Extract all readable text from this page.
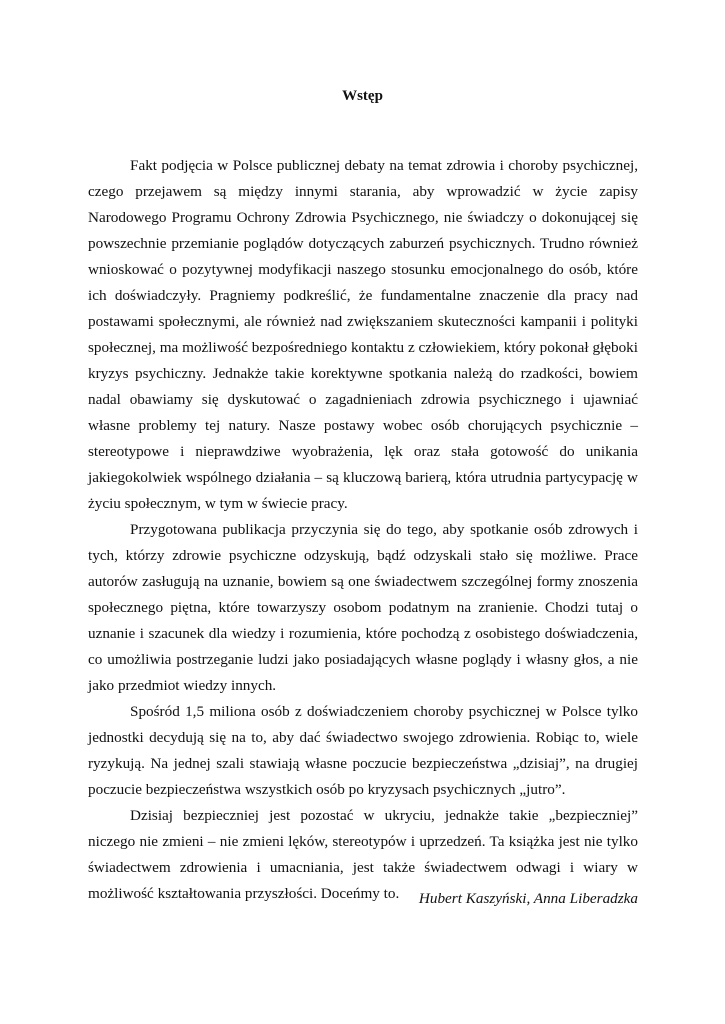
Wstęp

Fakt podjęcia w Polsce publicznej debaty na temat zdrowia i choroby psychicznej, czego przejawem są między innymi starania, aby wprowadzić w życie zapisy Narodowego Programu Ochrony Zdrowia Psychicznego, nie świadczy o dokonującej się powszechnie przemianie poglądów dotyczących zaburzeń psychicznych. Trudno również wnioskować o pozytywnej modyfikacji naszego stosunku emocjonalnego do osób, które ich doświadczyły. Pragniemy podkreślić, że fundamentalne znaczenie dla pracy nad postawami społecznymi, ale również nad zwiększaniem skuteczności kampanii i polityki społecznej, ma możliwość bezpośredniego kontaktu z człowiekiem, który pokonał głęboki kryzys psychiczny. Jednakże takie korektywne spotkania należą do rzadkości, bowiem nadal obawiamy się dyskutować o zagadnieniach zdrowia psychicznego i ujawniać własne problemy tej natury. Nasze postawy wobec osób chorujących psychicznie – stereotypowe i nieprawdziwe wyobrażenia, lęk oraz stała gotowość do unikania jakiegokolwiek wspólnego działania – są kluczową barierą, która utrudnia partycypację w życiu społecznym, w tym w świecie pracy.

Przygotowana publikacja przyczynia się do tego, aby spotkanie osób zdrowych i tych, którzy zdrowie psychiczne odzyskują, bądź odzyskali stało się możliwe. Prace autorów zasługują na uznanie, bowiem są one świadectwem szczególnej formy znoszenia społecznego piętna, które towarzyszy osobom podatnym na zranienie. Chodzi tutaj o uznanie i szacunek dla wiedzy i rozumienia, które pochodzą z osobistego doświadczenia, co umożliwia postrzeganie ludzi jako posiadających własne poglądy i własny głos, a nie jako przedmiot wiedzy innych.

Spośród 1,5 miliona osób z doświadczeniem choroby psychicznej w Polsce tylko jednostki decydują się na to, aby dać świadectwo swojego zdrowienia. Robiąc to, wiele ryzykują. Na jednej szali stawiają własne poczucie bezpieczeństwa „dzisiaj”, na drugiej poczucie bezpieczeństwa wszystkich osób po kryzysach psychicznych „jutro”.

Dzisiaj bezpieczniej jest pozostać w ukryciu, jednakże takie „bezpieczniej” niczego nie zmieni – nie zmieni lęków, stereotypów i uprzedzeń. Ta książka jest nie tylko świadectwem zdrowienia i umacniania, jest także świadectwem odwagi i wiary w możliwość kształtowania przyszłości. Doceńmy to.	Hubert Kaszyński, Anna Liberadzka
